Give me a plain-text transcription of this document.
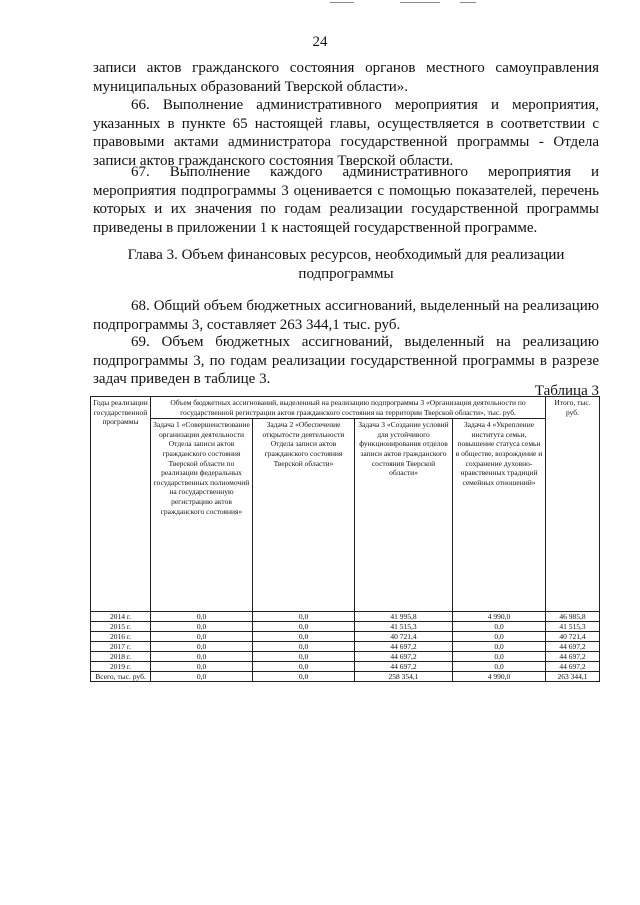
24

записи актов гражданского состояния органов местного самоуправления муниципальных образований Тверской области».

66. Выполнение административного мероприятия и мероприятия, указанных в пункте 65 настоящей главы, осуществляется в соответствии с правовыми актами администратора государственной программы - Отдела записи актов гражданского состояния Тверской области.

67. Выполнение каждого административного мероприятия и мероприятия подпрограммы 3 оценивается с помощью показателей, перечень которых и их значения по годам реализации государственной программы приведены в приложении 1 к настоящей государственной программе.

Глава 3. Объем финансовых ресурсов, необходимый для реализации подпрограммы

68. Общий объем бюджетных ассигнований, выделенный на реализацию подпрограммы 3, составляет 263 344,1 тыс. руб.

69. Объем бюджетных ассигнований, выделенный на реализацию подпрограммы 3, по годам реализации государственной программы в разрезе задач приведен в таблице 3.

Таблица 3
Годы реализации государственной программы	Объем бюджетных ассигнований, выделенный на реализацию подпрограммы 3 «Организация деятельности по государственной регистрации актов гражданского состояния на территории Тверской области», тыс. руб.				Итого, тыс. руб.
	Задача 1 «Совершенствование организации деятельности Отдела записи актов гражданского состояния Тверской области по реализации федеральных государственных полномочий на государственную регистрацию актов гражданского состояния»	Задача 2 «Обеспечение открытости деятельности Отдела записи актов гражданского состояния Тверской области»	Задача 3 «Создание условий для устойчивого функционирования отделов записи актов гражданского состояния Тверской области»	Задача 4 «Укрепление института семьи, повышение статуса семьи в обществе, возрождение и сохранение духовно-нравственных традиций семейных отношений»	
2014 г.	0,0	0,0	41 995,8	4 990,0	46 985,8
2015 г.	0,0	0,0	41 515,3	0,0	41 515,3
2016 г.	0,0	0,0	40 721,4	0,0	40 721,4
2017 г.	0,0	0,0	44 697,2	0,0	44 697,2
2018 г.	0,0	0,0	44 697,2	0,0	44 697,2
2019 г.	0,0	0,0	44 697,2	0,0	44 697,2
Всего, тыс. руб.	0,0	0,0	258 354,1	4 990,0	263 344,1
